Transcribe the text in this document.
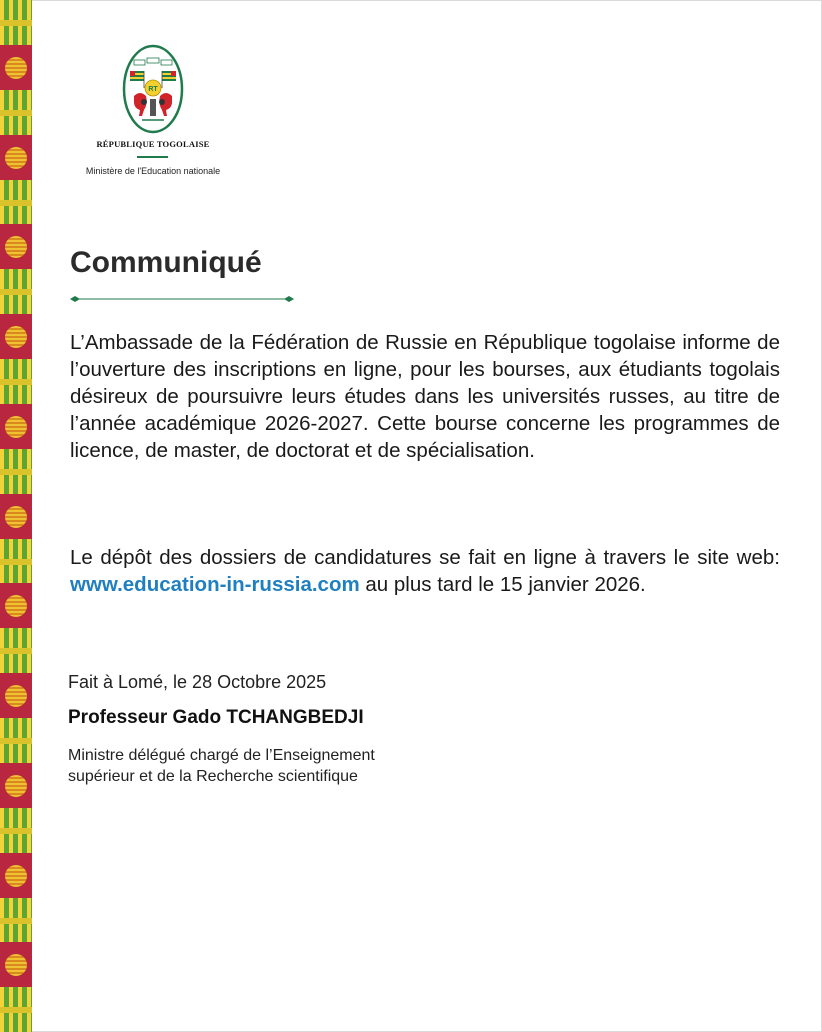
RT
RÉPUBLIQUE TOGOLAISE
Ministère de l'Education nationale
Communiqué

L’Ambassade de la Fédération de Russie en République togolaise informe de l’ouverture des inscriptions en ligne, pour les bourses, aux étudiants togolais désireux de poursuivre leurs études dans les universités russes, au titre de l’année académique 2026-2027. Cette bourse concerne les programmes de licence, de master, de doctorat et de spécialisation.

Le dépôt des dossiers de candidatures se fait en ligne à travers le site web: www.education-in-russia.com au plus tard le 15 janvier 2026.

Fait à Lomé, le 28 Octobre 2025

Professeur Gado TCHANGBEDJI

Ministre délégué chargé de l’Enseignement
supérieur et de la Recherche scientifique
